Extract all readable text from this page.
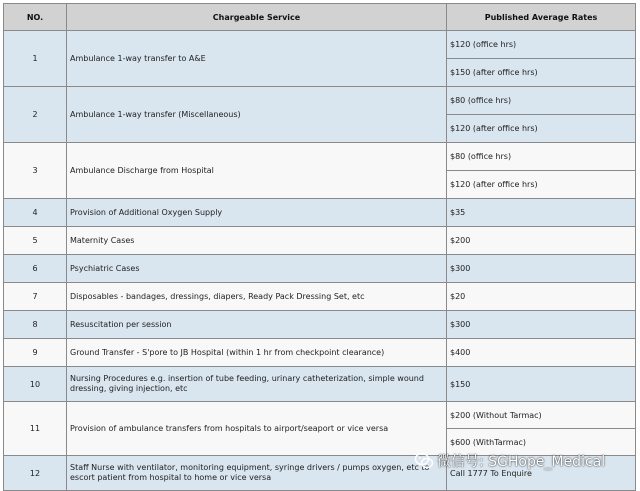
NO.	Chargeable Service	Published Average Rates
1	Ambulance 1-way transfer to A&E	$120 (office hrs)
		$150 (after office hrs)
2	Ambulance 1-way transfer (Miscellaneous)	$80 (office hrs)
		$120 (after office hrs)
3	Ambulance Discharge from Hospital	$80 (office hrs)
		$120 (after office hrs)
4	Provision of Additional Oxygen Supply	$35
5	Maternity Cases	$200
6	Psychiatric Cases	$300
7	Disposables - bandages, dressings, diapers, Ready Pack Dressing Set, etc	$20
8	Resuscitation per session	$300
9	Ground Transfer - S'pore to JB Hospital (within 1 hr from checkpoint clearance)	$400
10	Nursing Procedures e.g. insertion of tube feeding, urinary catheterization, simple wound dressing, giving injection, etc	$150
11	Provision of ambulance transfers from hospitals to airport/seaport or vice versa	$200 (Without Tarmac)
		$600 (WithTarmac)
12	Staff Nurse with ventilator, monitoring equipment, syringe drivers / pumps oxygen, etc to escort patient from hospital to home or vice versa	Call 1777 To Enquire
微信号: SGHope_Medical
